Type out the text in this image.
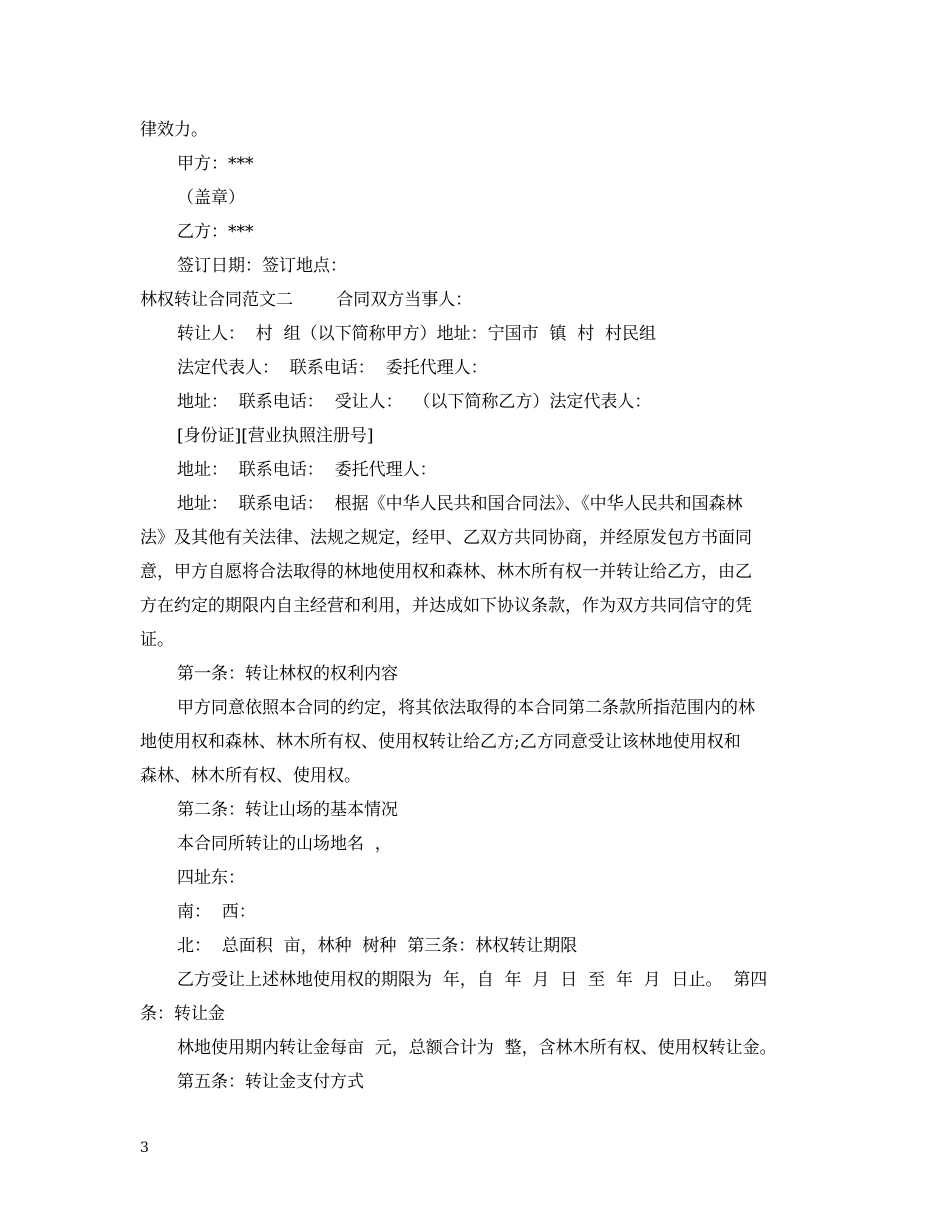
律效力。
甲方：***
（盖章）
乙方：***
签订日期：签订地点：
林权转让合同范文二        合同双方当事人：
转让人：  村  组（以下简称甲方）地址：宁国市  镇  村  村民组
法定代表人：  联系电话：  委托代理人：
地址：  联系电话：  受让人：  （以下简称乙方）法定代表人：
[身份证][营业执照注册号]
地址：  联系电话：  委托代理人：
地址：  联系电话：  根据《中华人民共和国合同法》、《中华人民共和国森林
法》及其他有关法律、法规之规定，经甲、乙双方共同协商，并经原发包方书面同
意，甲方自愿将合法取得的林地使用权和森林、林木所有权一并转让给乙方，由乙
方在约定的期限内自主经营和利用，并达成如下协议条款，作为双方共同信守的凭
证。
第一条：转让林权的权利内容
甲方同意依照本合同的约定，将其依法取得的本合同第二条款所指范围内的林
地使用权和森林、林木所有权、使用权转让给乙方;乙方同意受让该林地使用权和
森林、林木所有权、使用权。
第二条：转让山场的基本情况
本合同所转让的山场地名  ，
四址东：
南：  西：
北：  总面积  亩，林种  树种  第三条：林权转让期限
乙方受让上述林地使用权的期限为  年，自  年  月  日  至  年  月  日止。  第四
条：转让金
林地使用期内转让金每亩  元，总额合计为  整，含林木所有权、使用权转让金。
第五条：转让金支付方式
3
